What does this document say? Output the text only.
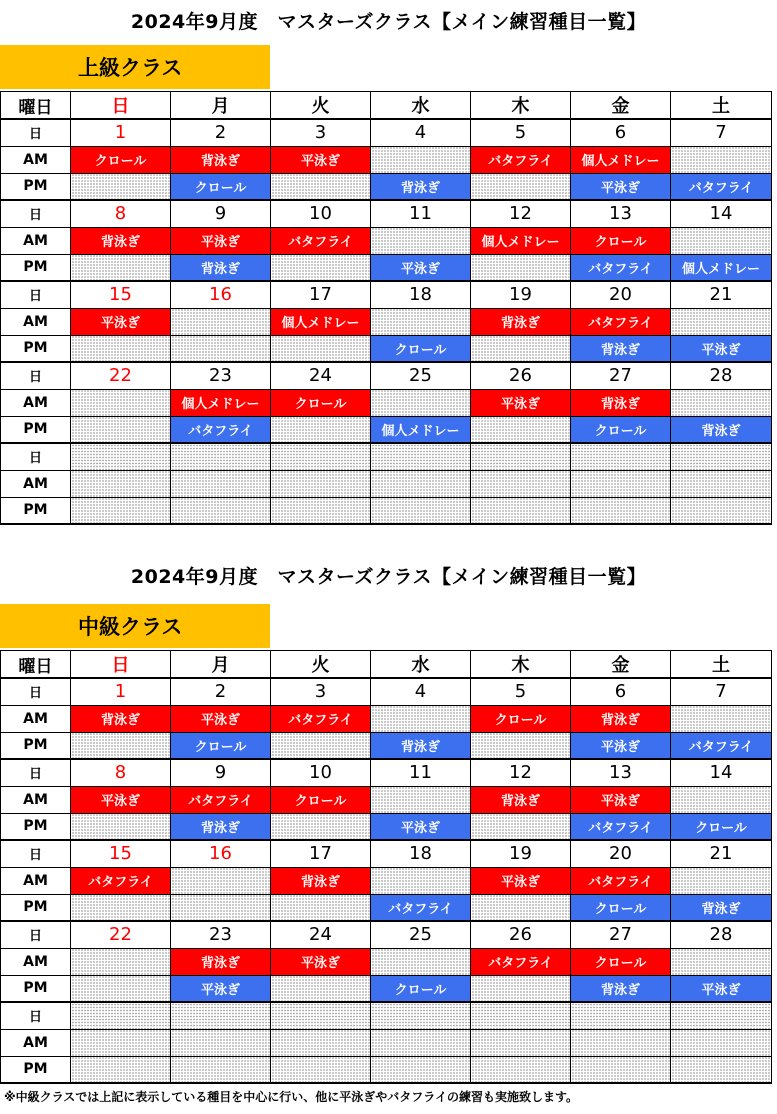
2024年9月度　マスターズクラス【メイン練習種目一覧】
上級クラス
曜日	日	月	火	水	木	金	土
日	1	2	3	4	5	6	7
AM	クロール	背泳ぎ	平泳ぎ		バタフライ	個人メドレー	
PM		クロール		背泳ぎ		平泳ぎ	バタフライ
日	8	9	10	11	12	13	14
AM	背泳ぎ	平泳ぎ	バタフライ		個人メドレー	クロール	
PM		背泳ぎ		平泳ぎ		バタフライ	個人メドレー
日	15	16	17	18	19	20	21
AM	平泳ぎ		個人メドレー		背泳ぎ	バタフライ	
PM				クロール		背泳ぎ	平泳ぎ
日	22	23	24	25	26	27	28
AM		個人メドレー	クロール		平泳ぎ	背泳ぎ	
PM		バタフライ		個人メドレー		クロール	背泳ぎ
日							
AM							
PM							
2024年9月度　マスターズクラス【メイン練習種目一覧】
中級クラス
曜日	日	月	火	水	木	金	土
日	1	2	3	4	5	6	7
AM	背泳ぎ	平泳ぎ	バタフライ		クロール	背泳ぎ	
PM		クロール		背泳ぎ		平泳ぎ	バタフライ
日	8	9	10	11	12	13	14
AM	平泳ぎ	バタフライ	クロール		背泳ぎ	平泳ぎ	
PM		背泳ぎ		平泳ぎ		バタフライ	クロール
日	15	16	17	18	19	20	21
AM	バタフライ		背泳ぎ		平泳ぎ	バタフライ	
PM				バタフライ		クロール	背泳ぎ
日	22	23	24	25	26	27	28
AM		背泳ぎ	平泳ぎ		バタフライ	クロール	
PM		平泳ぎ		クロール		背泳ぎ	平泳ぎ
日							
AM							
PM							
※中級クラスでは上記に表示している種目を中心に行い、他に平泳ぎやバタフライの練習も実施致します。
